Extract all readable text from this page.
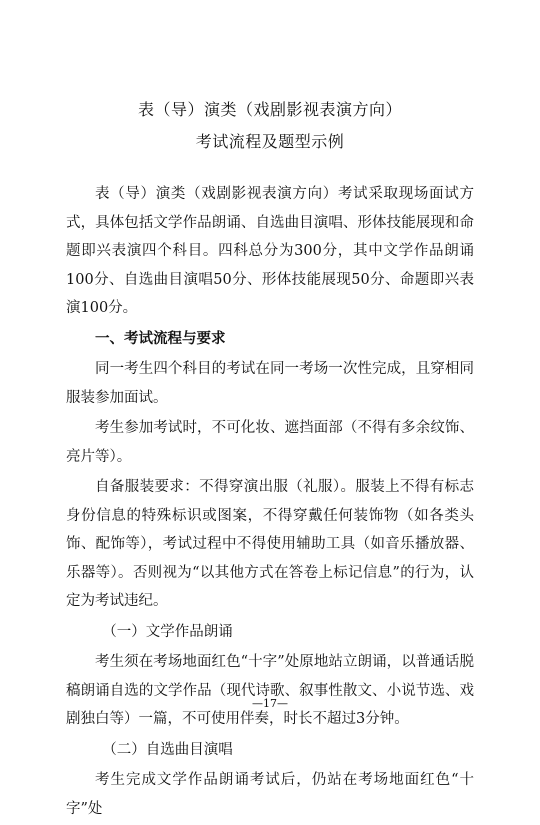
表（导）演类（戏剧影视表演方向）
考试流程及题型示例

表（导）演类（戏剧影视表演方向）考试采取现场面试方式，具体包括文学作品朗诵、自选曲目演唱、形体技能展现和命题即兴表演四个科目。四科总分为300分，其中文学作品朗诵100分、自选曲目演唱50分、形体技能展现50分、命题即兴表演100分。

一、考试流程与要求

同一考生四个科目的考试在同一考场一次性完成，且穿相同服装参加面试。

考生参加考试时，不可化妆、遮挡面部（不得有多余纹饰、亮片等）。

自备服装要求：不得穿演出服（礼服）。服装上不得有标志身份信息的特殊标识或图案，不得穿戴任何装饰物（如各类头饰、配饰等），考试过程中不得使用辅助工具（如音乐播放器、乐器等）。否则视为“以其他方式在答卷上标记信息”的行为，认定为考试违纪。

（一）文学作品朗诵

考生须在考场地面红色“十字”处原地站立朗诵，以普通话脱稿朗诵自选的文学作品（现代诗歌、叙事性散文、小说节选、戏剧独白等）一篇，不可使用伴奏，时长不超过3分钟。

（二）自选曲目演唱

考生完成文学作品朗诵考试后，仍站在考场地面红色“十字”处

—17—
